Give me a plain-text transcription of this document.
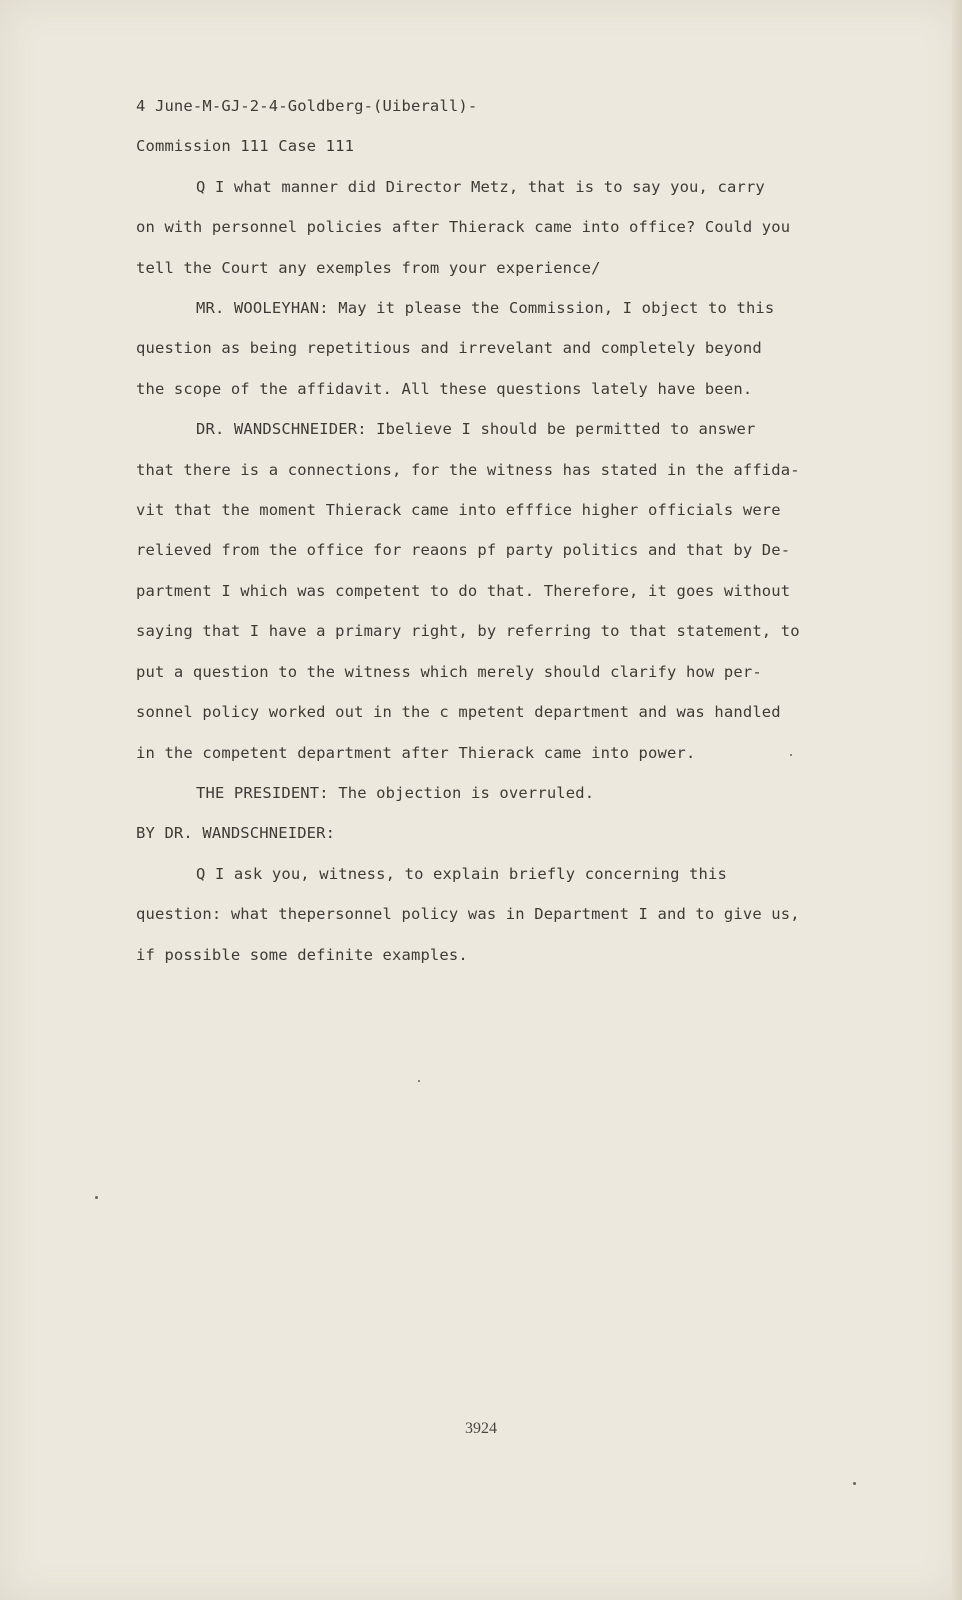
4 June-M-GJ-2-4-Goldberg-(Uiberall)-
Commission 111 Case 111
Q I what manner did Director Metz, that is to say you, carry
on with personnel policies after Thierack came into office? Could you
tell the Court any exemples from your experience/
MR. WOOLEYHAN: May it please the Commission, I object to this
question as being repetitious and irrevelant and completely beyond
the scope of the affidavit. All these questions lately have been.
DR. WANDSCHNEIDER: Ibelieve I should be permitted to answer
that there is a connections, for the witness has stated in the affida-
vit that the moment Thierack came into efffice higher officials were
relieved from the office for reaons pf party politics and that by De-
partment I which was competent to do that. Therefore, it goes without
saying that I have a primary right, by referring to that statement, to
put a question to the witness which merely should clarify how per-
sonnel policy worked out in the c mpetent department and was handled
in the competent department after Thierack came into power.
THE PRESIDENT: The objection is overruled.
BY DR. WANDSCHNEIDER:
Q I ask you, witness, to explain briefly concerning this
question: what thepersonnel policy was in Department I and to give us,
if possible some definite examples.
3924
